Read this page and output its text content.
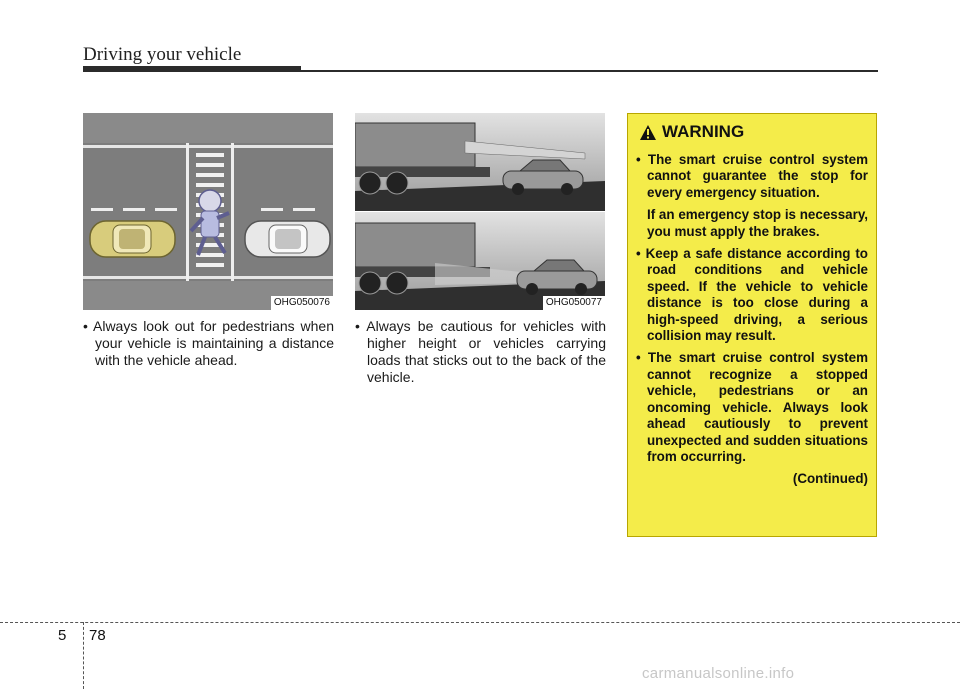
Driving your vehicle
OHG050076	OHG050077
• Always look out for pedestrians when your vehicle is maintaining a distance with the vehicle ahead.
• Always be cautious for vehicles with higher height or vehicles carrying loads that sticks out to the back of the vehicle.
WARNING
• The smart cruise control system cannot guarantee the stop for every emergency situation.
If an emergency stop is necessary, you must apply the brakes.
• Keep a safe distance according to road conditions and vehicle speed. If the vehicle to vehicle distance is too close during a high-speed driving, a serious collision may result.
• The smart cruise control system cannot recognize a stopped vehicle, pedestrians or an oncoming vehicle. Always look ahead cautiously to prevent unexpected and sudden situations from occurring.
(Continued)
5 78
carmanualsonline.info
